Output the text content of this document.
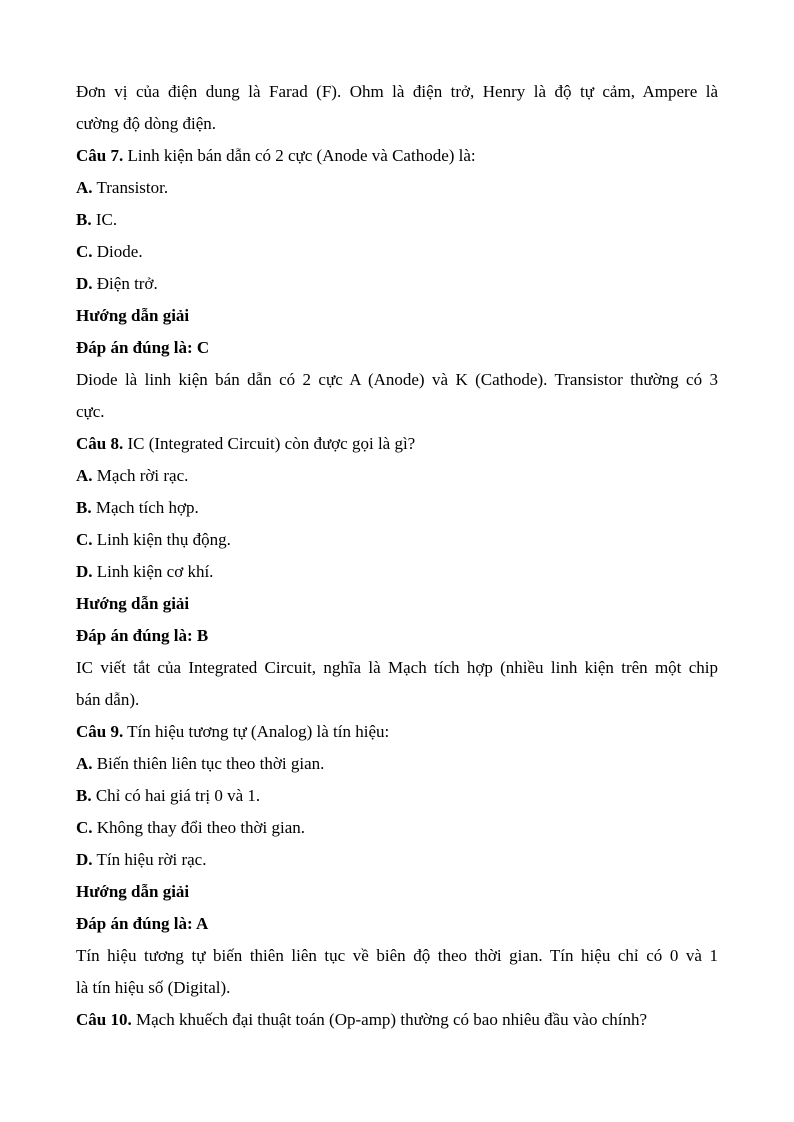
Đơn vị của điện dung là Farad (F). Ohm là điện trở, Henry là độ tự cảm, Ampere là
cường độ dòng điện.
Câu 7. Linh kiện bán dẫn có 2 cực (Anode và Cathode) là:
A. Transistor.
B. IC.
C. Diode.
D. Điện trở.
Hướng dẫn giải
Đáp án đúng là: C
Diode là linh kiện bán dẫn có 2 cực A (Anode) và K (Cathode). Transistor thường có 3
cực.
Câu 8. IC (Integrated Circuit) còn được gọi là gì?
A. Mạch rời rạc.
B. Mạch tích hợp.
C. Linh kiện thụ động.
D. Linh kiện cơ khí.
Hướng dẫn giải
Đáp án đúng là: B
IC viết tắt của Integrated Circuit, nghĩa là Mạch tích hợp (nhiều linh kiện trên một chip
bán dẫn).
Câu 9. Tín hiệu tương tự (Analog) là tín hiệu:
A. Biến thiên liên tục theo thời gian.
B. Chỉ có hai giá trị 0 và 1.
C. Không thay đổi theo thời gian.
D. Tín hiệu rời rạc.
Hướng dẫn giải
Đáp án đúng là: A
Tín hiệu tương tự biến thiên liên tục về biên độ theo thời gian. Tín hiệu chỉ có 0 và 1
là tín hiệu số (Digital).
Câu 10. Mạch khuếch đại thuật toán (Op-amp) thường có bao nhiêu đầu vào chính?
